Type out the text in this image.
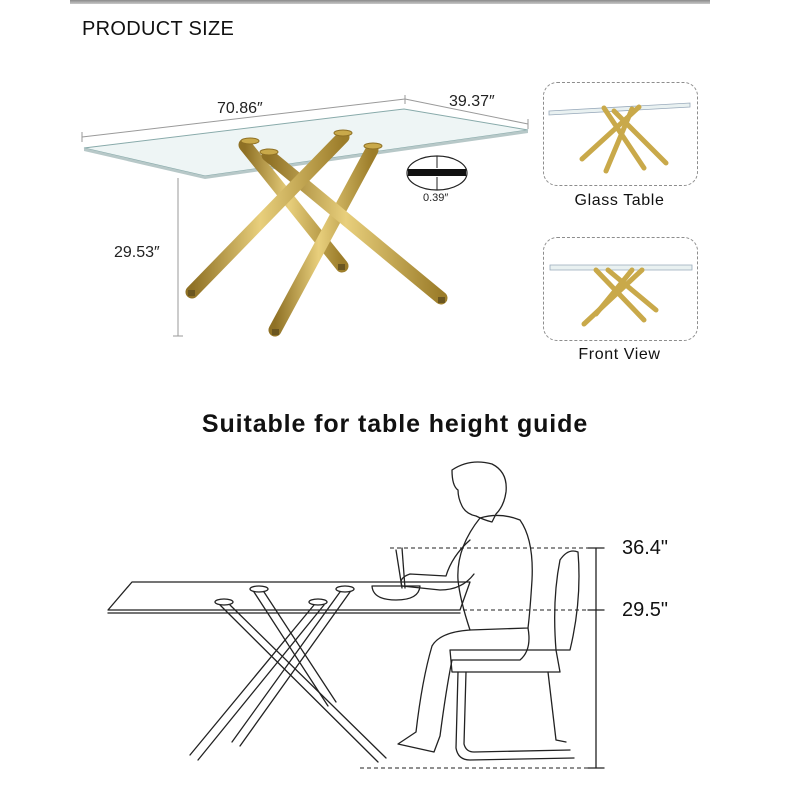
PRODUCT SIZE
70.86″	39.37″
29.53″
0.39″	Glass Table
Front View
Suitable for table height guide
36.4"
29.5"
